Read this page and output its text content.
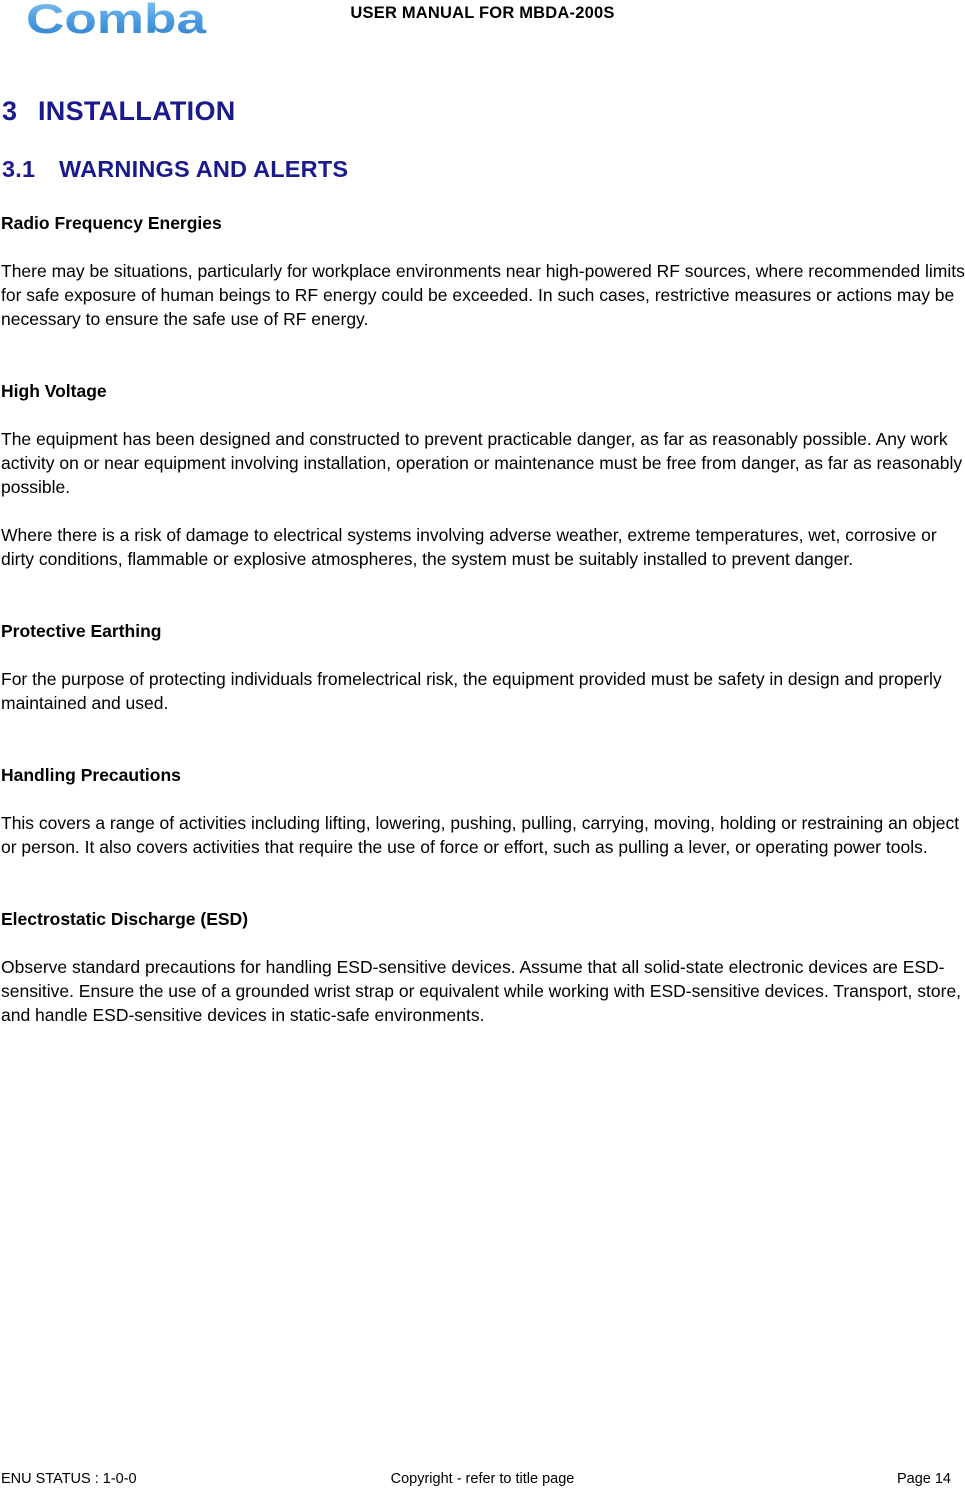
Comba	USER MANUAL FOR MBDA-200S
3 INSTALLATION
3.1 WARNINGS AND ALERTS

Radio Frequency Energies

There may be situations, particularly for workplace environments near high-powered RF sources, where recommended limits for safe exposure of human beings to RF energy could be exceeded. In such cases, restrictive measures or actions may be necessary to ensure the safe use of RF energy.

High Voltage

The equipment has been designed and constructed to prevent practicable danger, as far as reasonably possible. Any work activity on or near equipment involving installation, operation or maintenance must be free from danger, as far as reasonably possible.

Where there is a risk of damage to electrical systems involving adverse weather, extreme temperatures, wet, corrosive or dirty conditions, flammable or explosive atmospheres, the system must be suitably installed to prevent danger.

Protective Earthing

For the purpose of protecting individuals fromelectrical risk, the equipment provided must be safety in design and properly maintained and used.

Handling Precautions

This covers a range of activities including lifting, lowering, pushing, pulling, carrying, moving, holding or restraining an object or person. It also covers activities that require the use of force or effort, such as pulling a lever, or operating power tools.

Electrostatic Discharge (ESD)

Observe standard precautions for handling ESD-sensitive devices. Assume that all solid-state electronic devices are ESD-sensitive. Ensure the use of a grounded wrist strap or equivalent while working with ESD-sensitive devices. Transport, store, and handle ESD-sensitive devices in static-safe environments.

ENU STATUS : 1-0-0	Copyright - refer to title page	Page 14
